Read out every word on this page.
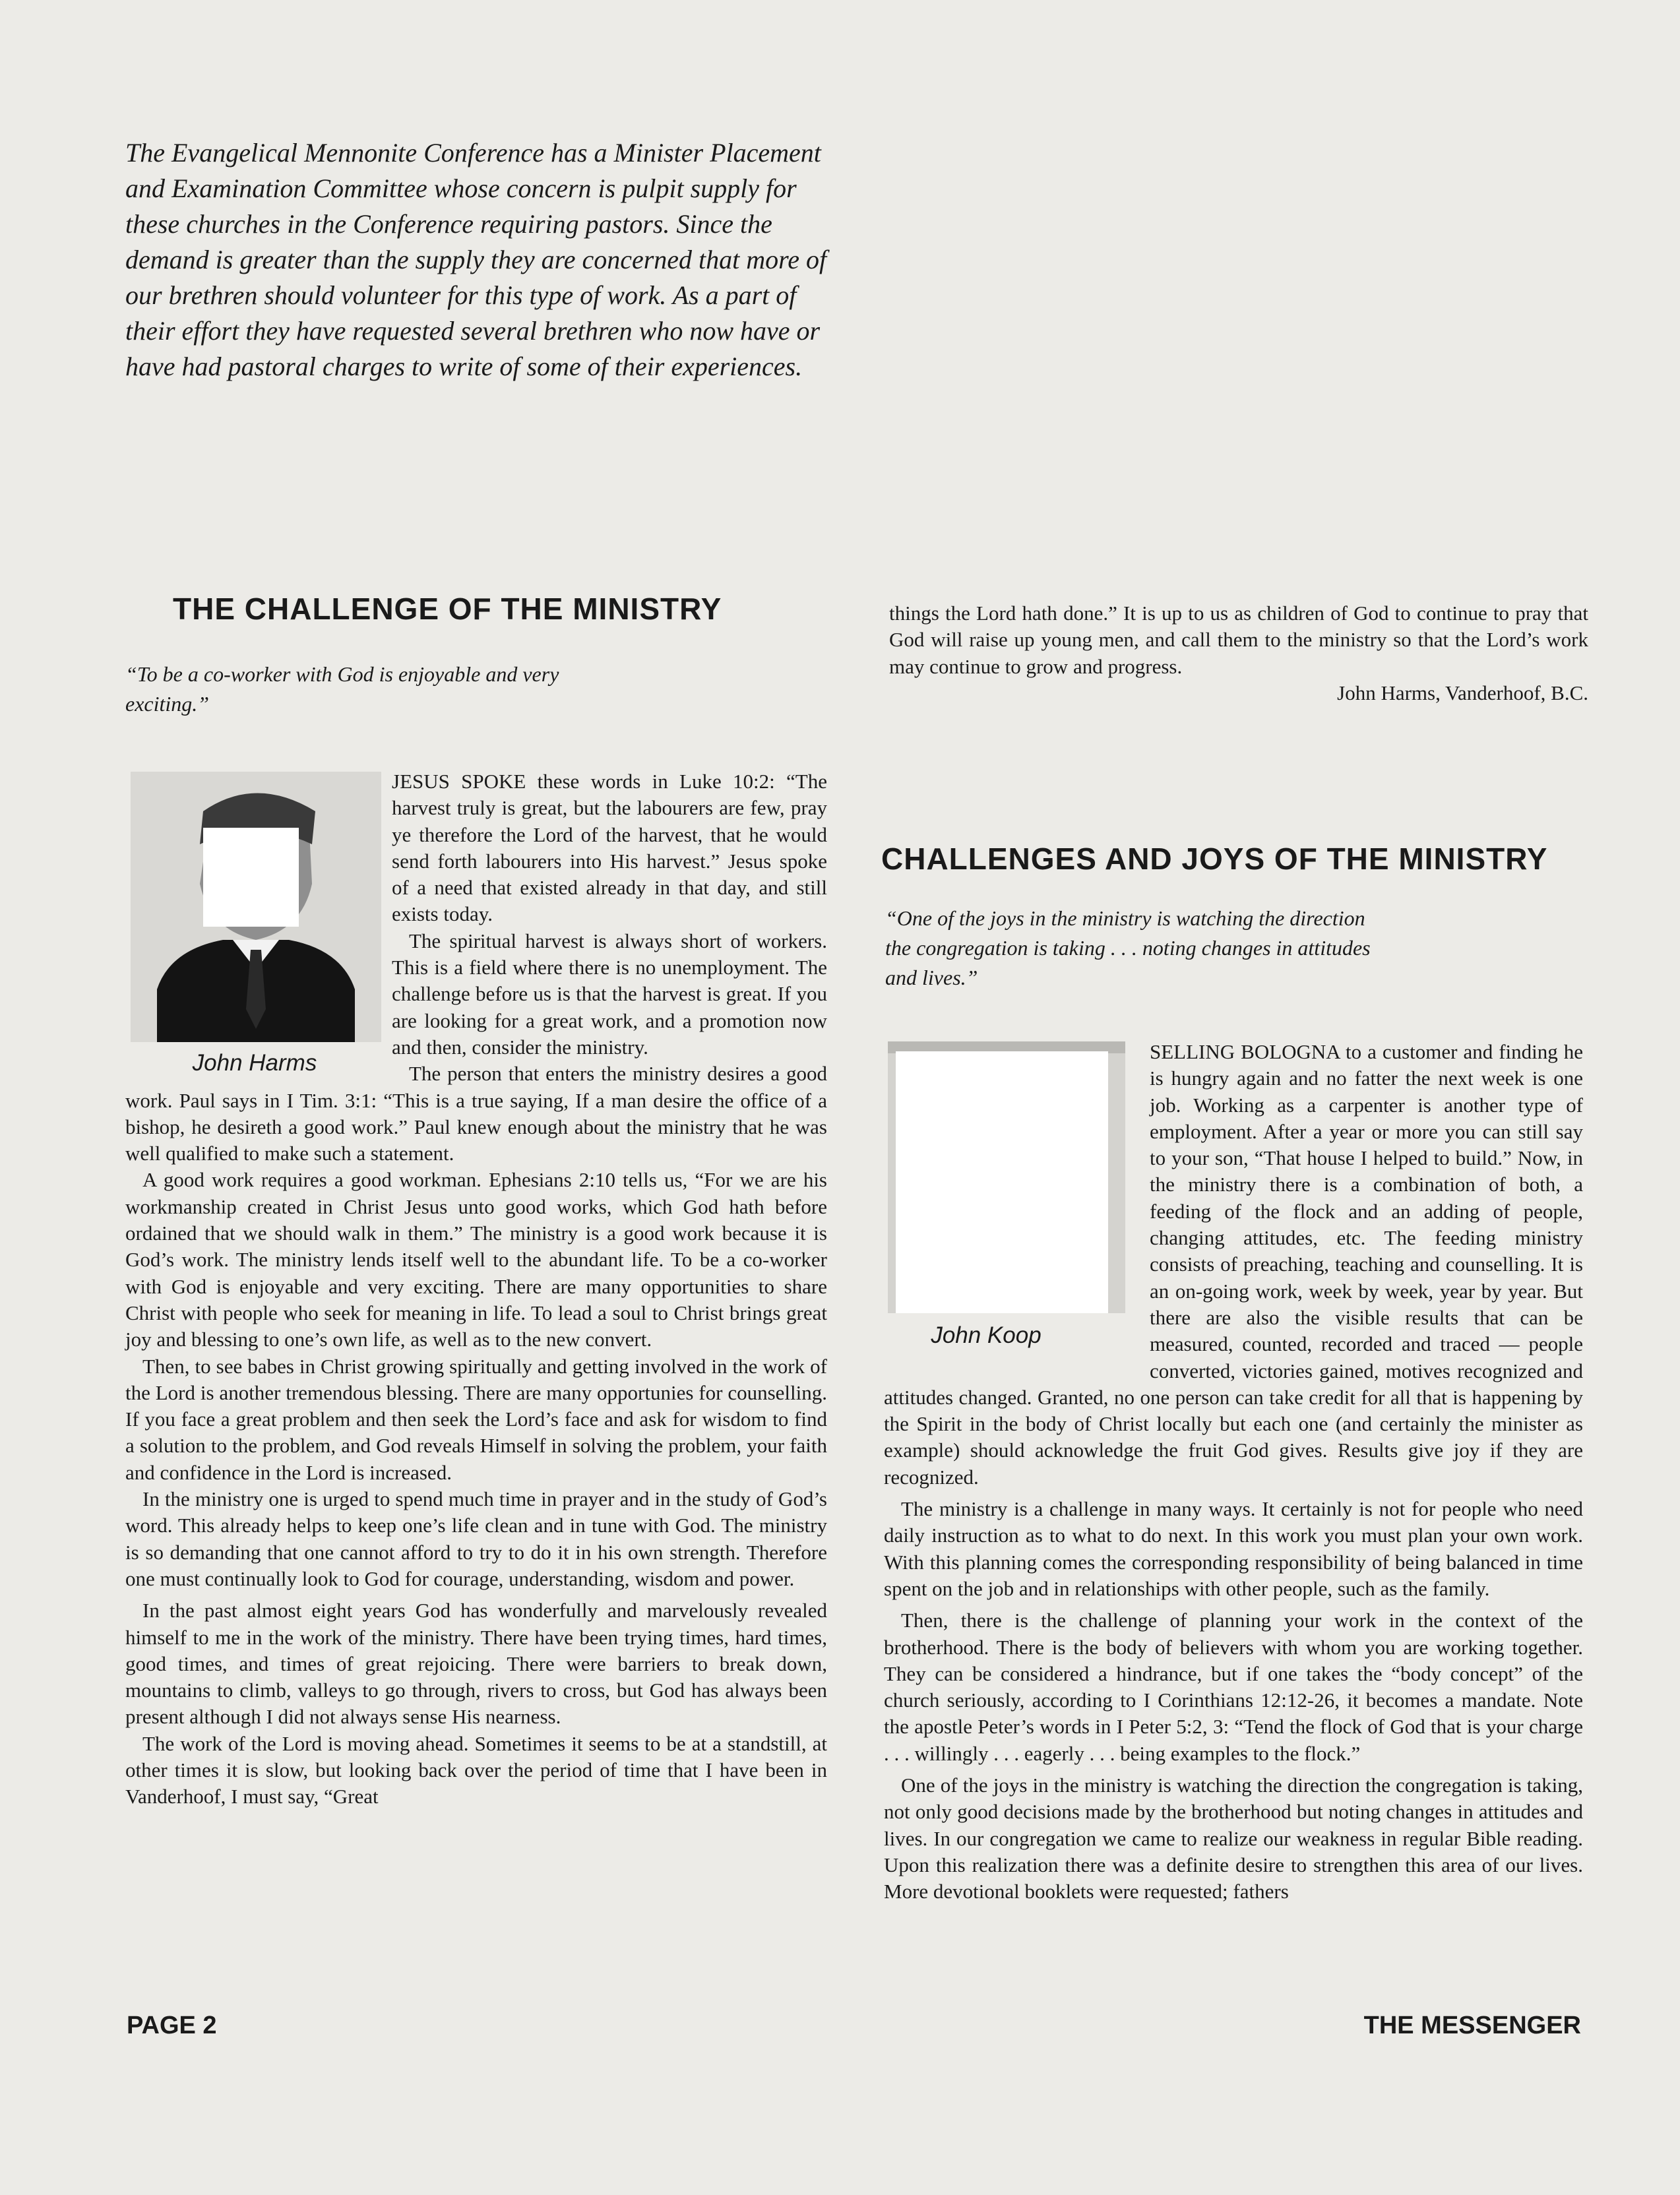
The Evangelical Mennonite Conference has a Minister Placement and Examination Committee whose concern is pulpit supply for these churches in the Conference requiring pastors. Since the demand is greater than the supply they are concerned that more of our brethren should volunteer for this type of work. As a part of their effort they have requested several brethren who now have or have had pastoral charges to write of some of their experiences.
THE CHALLENGE OF THE MINISTRY
“To be a co-worker with God is enjoyable and very exciting.”
John Harms

JESUS SPOKE these words in Luke 10:2: “The harvest truly is great, but the labourers are few, pray ye therefore the Lord of the harvest, that he would send forth labourers into His harvest.” Jesus spoke of a need that existed already in that day, and still exists today.

The spiritual harvest is always short of workers. This is a field where there is no unemployment. The challenge before us is that the harvest is great. If you are looking for a great work, and a promotion now and then, consider the ministry.

The person that enters the ministry desires a good work. Paul says in I Tim. 3:1: “This is a true saying, If a man desire the office of a bishop, he desireth a good work.” Paul knew enough about the ministry that he was well qualified to make such a statement.

A good work requires a good workman. Ephesians 2:10 tells us, “For we are his workmanship created in Christ Jesus unto good works, which God hath before ordained that we should walk in them.” The ministry is a good work because it is God’s work. The ministry lends itself well to the abundant life. To be a co-worker with God is enjoyable and very exciting. There are many opportunities to share Christ with people who seek for meaning in life. To lead a soul to Christ brings great joy and blessing to one’s own life, as well as to the new convert.

Then, to see babes in Christ growing spiritually and getting involved in the work of the Lord is another tremendous blessing. There are many opportunies for counselling. If you face a great problem and then seek the Lord’s face and ask for wisdom to find a solution to the problem, and God reveals Himself in solving the problem, your faith and confidence in the Lord is increased.

In the ministry one is urged to spend much time in prayer and in the study of God’s word. This already helps to keep one’s life clean and in tune with God. The ministry is so demanding that one cannot afford to try to do it in his own strength. Therefore one must continually look to God for courage, understanding, wisdom and power.

In the past almost eight years God has wonderfully and marvelously revealed himself to me in the work of the ministry. There have been trying times, hard times, good times, and times of great rejoicing. There were barriers to break down, mountains to climb, valleys to go through, rivers to cross, but God has always been present although I did not always sense His nearness.

The work of the Lord is moving ahead. Sometimes it seems to be at a standstill, at other times it is slow, but looking back over the period of time that I have been in Vanderhoof, I must say, “Great

things the Lord hath done.” It is up to us as children of God to continue to pray that God will raise up young men, and call them to the ministry so that the Lord’s work may continue to grow and progress.

John Harms, Vanderhoof, B.C.

CHALLENGES AND JOYS OF THE MINISTRY
“One of the joys in the ministry is watching the direction the congregation is taking . . . noting changes in attitudes and lives.”
John Koop

SELLING BOLOGNA to a customer and finding he is hungry again and no fatter the next week is one job. Working as a carpenter is another type of employment. After a year or more you can still say to your son, “That house I helped to build.” Now, in the ministry there is a combination of both, a feeding of the flock and an adding of people, changing attitudes, etc. The feeding ministry consists of preaching, teaching and counselling. It is an on-going work, week by week, year by year. But there are also the visible results that can be measured, counted, recorded and traced — people converted, victories gained, motives recognized and attitudes changed. Granted, no one person can take credit for all that is happening by the Spirit in the body of Christ locally but each one (and certainly the minister as example) should acknowledge the fruit God gives. Results give joy if they are recognized.

The ministry is a challenge in many ways. It certainly is not for people who need daily instruction as to what to do next. In this work you must plan your own work. With this planning comes the corresponding responsibility of being balanced in time spent on the job and in relationships with other people, such as the family.

Then, there is the challenge of planning your work in the context of the brotherhood. There is the body of believers with whom you are working together. They can be considered a hindrance, but if one takes the “body concept” of the church seriously, according to I Corinthians 12:12-26, it becomes a mandate. Note the apostle Peter’s words in I Peter 5:2, 3: “Tend the flock of God that is your charge . . . willingly . . . eagerly . . . being examples to the flock.”

One of the joys in the ministry is watching the direction the congregation is taking, not only good decisions made by the brotherhood but noting changes in attitudes and lives. In our congregation we came to realize our weakness in regular Bible reading. Upon this realization there was a definite desire to strengthen this area of our lives. More devotional booklets were requested; fathers

PAGE 2	THE MESSENGER
